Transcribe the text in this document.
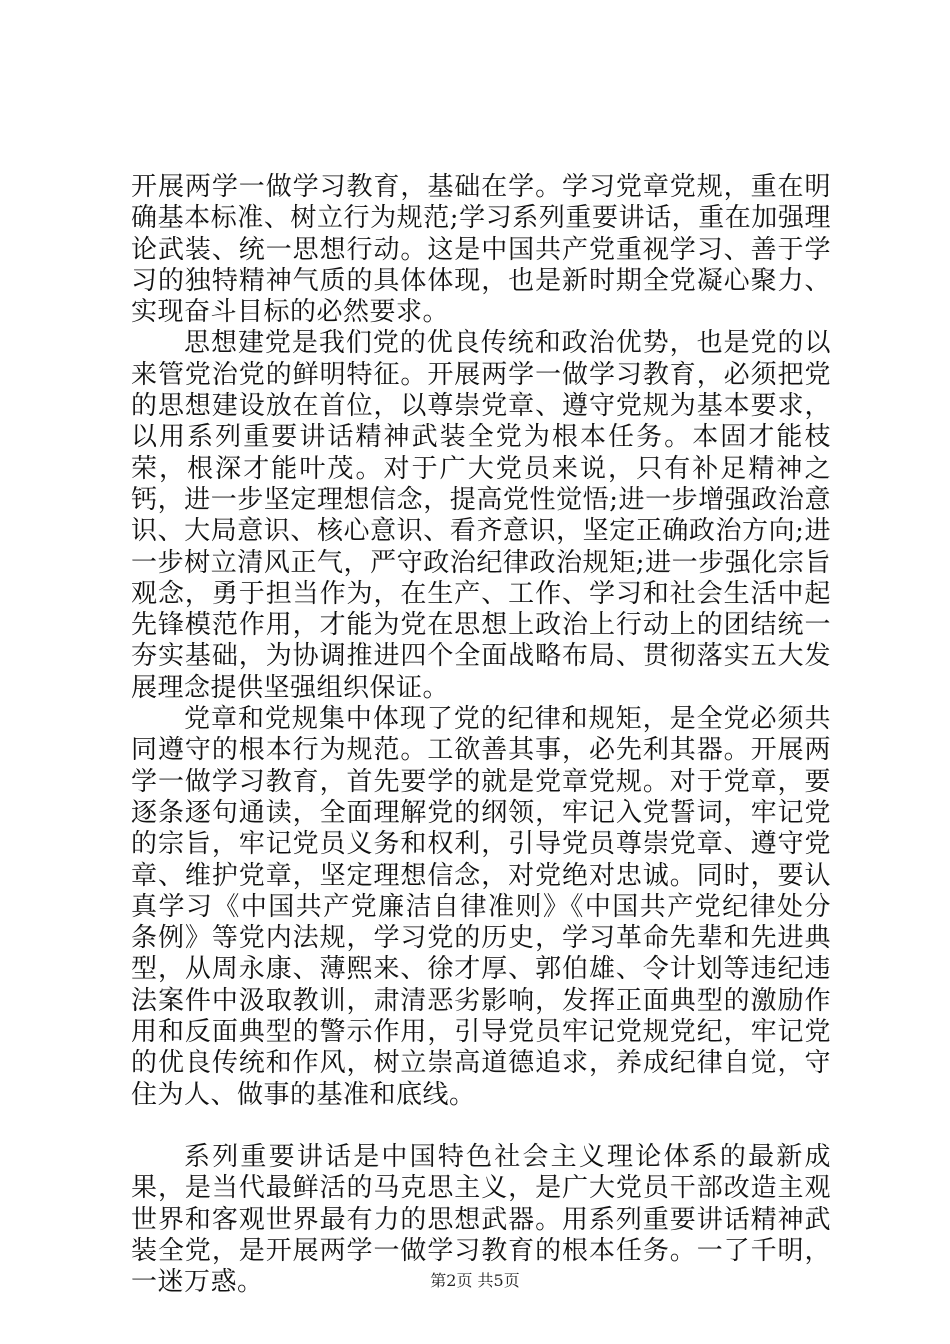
开展两学一做学习教育，基础在学。学习党章党规，重在明确基本标准、树立行为规范;学习系列重要讲话，重在加强理论武装、统一思想行动。这是中国共产党重视学习、善于学习的独特精神气质的具体体现，也是新时期全党凝心聚力、实现奋斗目标的必然要求。

思想建党是我们党的优良传统和政治优势，也是党的以来管党治党的鲜明特征。开展两学一做学习教育，必须把党的思想建设放在首位，以尊崇党章、遵守党规为基本要求，以用系列重要讲话精神武装全党为根本任务。本固才能枝荣，根深才能叶茂。对于广大党员来说，只有补足精神之钙，进一步坚定理想信念，提高党性觉悟;进一步增强政治意识、大局意识、核心意识、看齐意识，坚定正确政治方向;进一步树立清风正气，严守政治纪律政治规矩;进一步强化宗旨观念，勇于担当作为，在生产、工作、学习和社会生活中起先锋模范作用，才能为党在思想上政治上行动上的团结统一夯实基础，为协调推进四个全面战略布局、贯彻落实五大发展理念提供坚强组织保证。

党章和党规集中体现了党的纪律和规矩，是全党必须共同遵守的根本行为规范。工欲善其事，必先利其器。开展两学一做学习教育，首先要学的就是党章党规。对于党章，要逐条逐句通读，全面理解党的纲领，牢记入党誓词，牢记党的宗旨，牢记党员义务和权利，引导党员尊崇党章、遵守党章、维护党章，坚定理想信念，对党绝对忠诚。同时，要认真学习《中国共产党廉洁自律准则》《中国共产党纪律处分条例》等党内法规，学习党的历史，学习革命先辈和先进典型，从周永康、薄熙来、徐才厚、郭伯雄、令计划等违纪违法案件中汲取教训，肃清恶劣影响，发挥正面典型的激励作用和反面典型的警示作用，引导党员牢记党规党纪，牢记党的优良传统和作风，树立崇高道德追求，养成纪律自觉，守住为人、做事的基准和底线。

系列重要讲话是中国特色社会主义理论体系的最新成果，是当代最鲜活的马克思主义，是广大党员干部改造主观世界和客观世界最有力的思想武器。用系列重要讲话精神武装全党，是开展两学一做学习教育的根本任务。一了千明，一迷万惑。	第2页 共5页
